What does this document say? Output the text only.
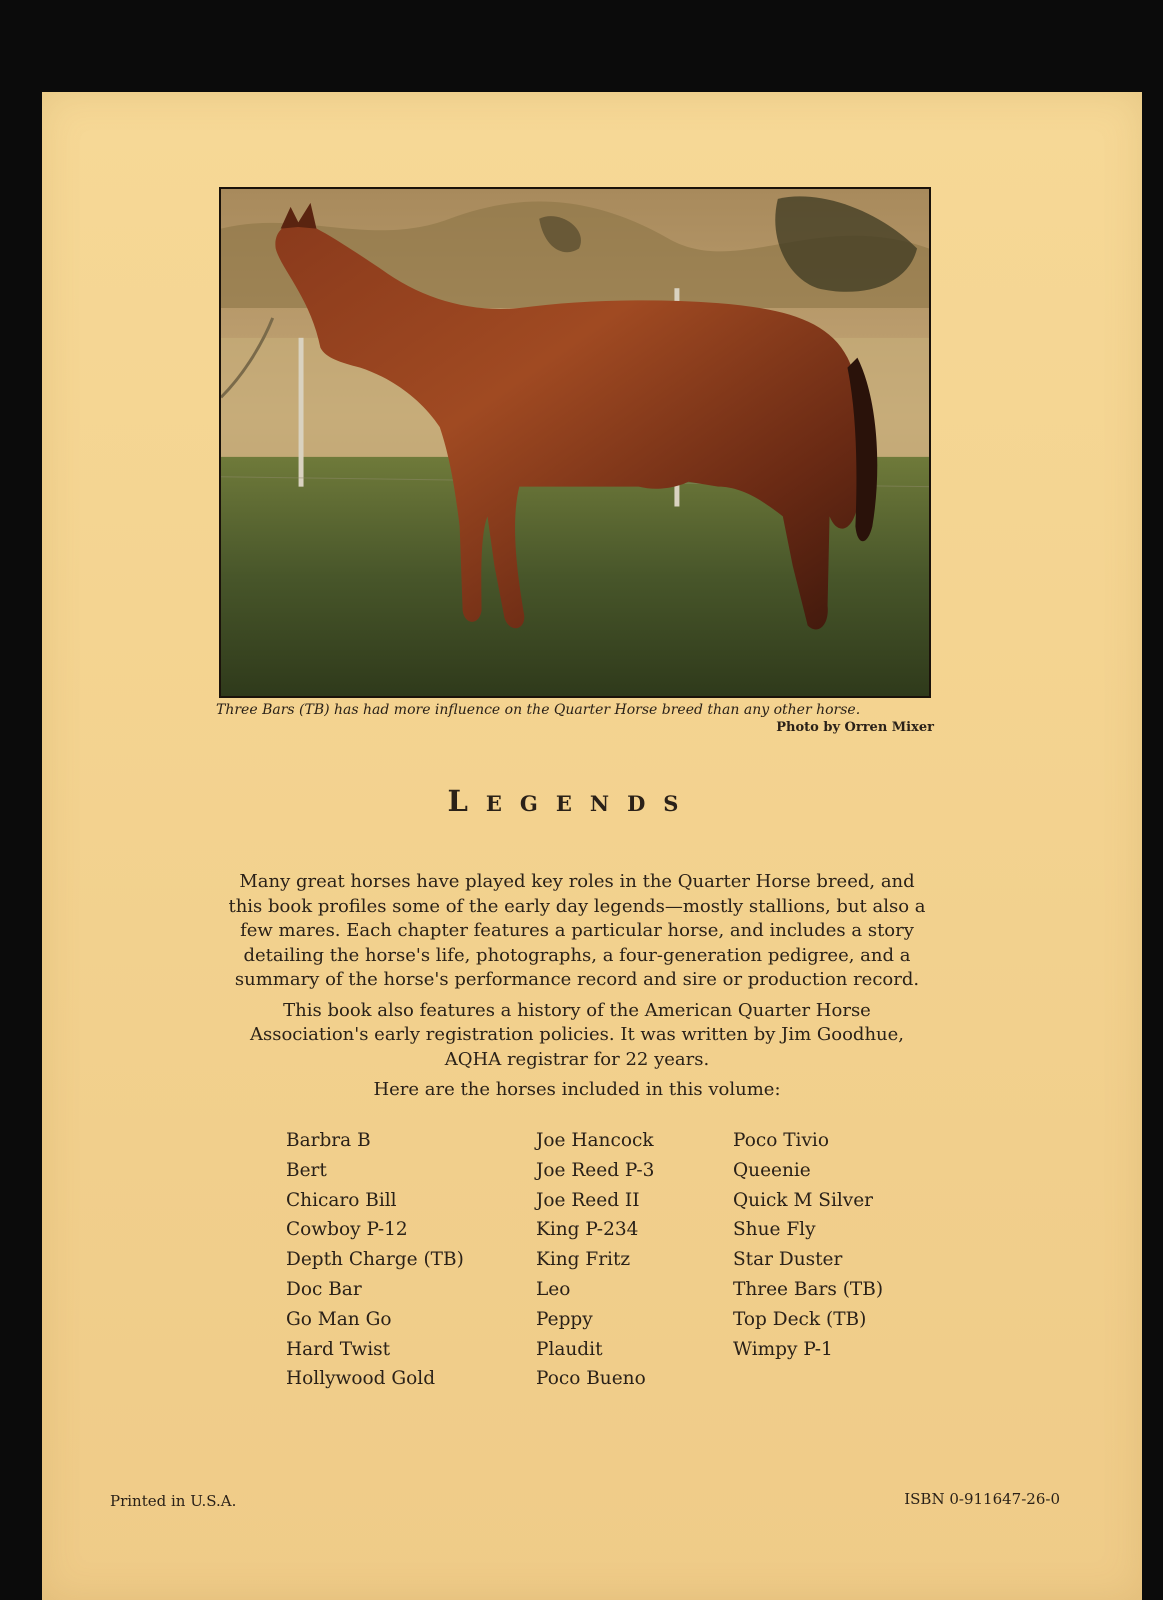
Three Bars (TB) has had more influence on the Quarter Horse breed than any other horse.
Photo by Orren Mixer
LEGENDS

Many great horses have played key roles in the Quarter Horse breed, and this book profiles some of the early day legends—mostly stallions, but also a few mares. Each chapter features a particular horse, and includes a story detailing the horse's life, photographs, a four-generation pedigree, and a summary of the horse's performance record and sire or production record.

This book also features a history of the American Quarter Horse Association's early registration policies. It was written by Jim Goodhue, AQHA registrar for 22 years.

Here are the horses included in this volume:

Barbra B
Bert
Chicaro Bill
Cowboy P-12
Depth Charge (TB)
Doc Bar
Go Man Go
Hard Twist
Hollywood Gold
Joe Hancock
Joe Reed P-3
Joe Reed II
King P-234
King Fritz
Leo
Peppy
Plaudit
Poco Bueno
Poco Tivio
Queenie
Quick M Silver
Shue Fly
Star Duster
Three Bars (TB)
Top Deck (TB)
Wimpy P-1
Printed in U.S.A.	ISBN 0-911647-26-0
